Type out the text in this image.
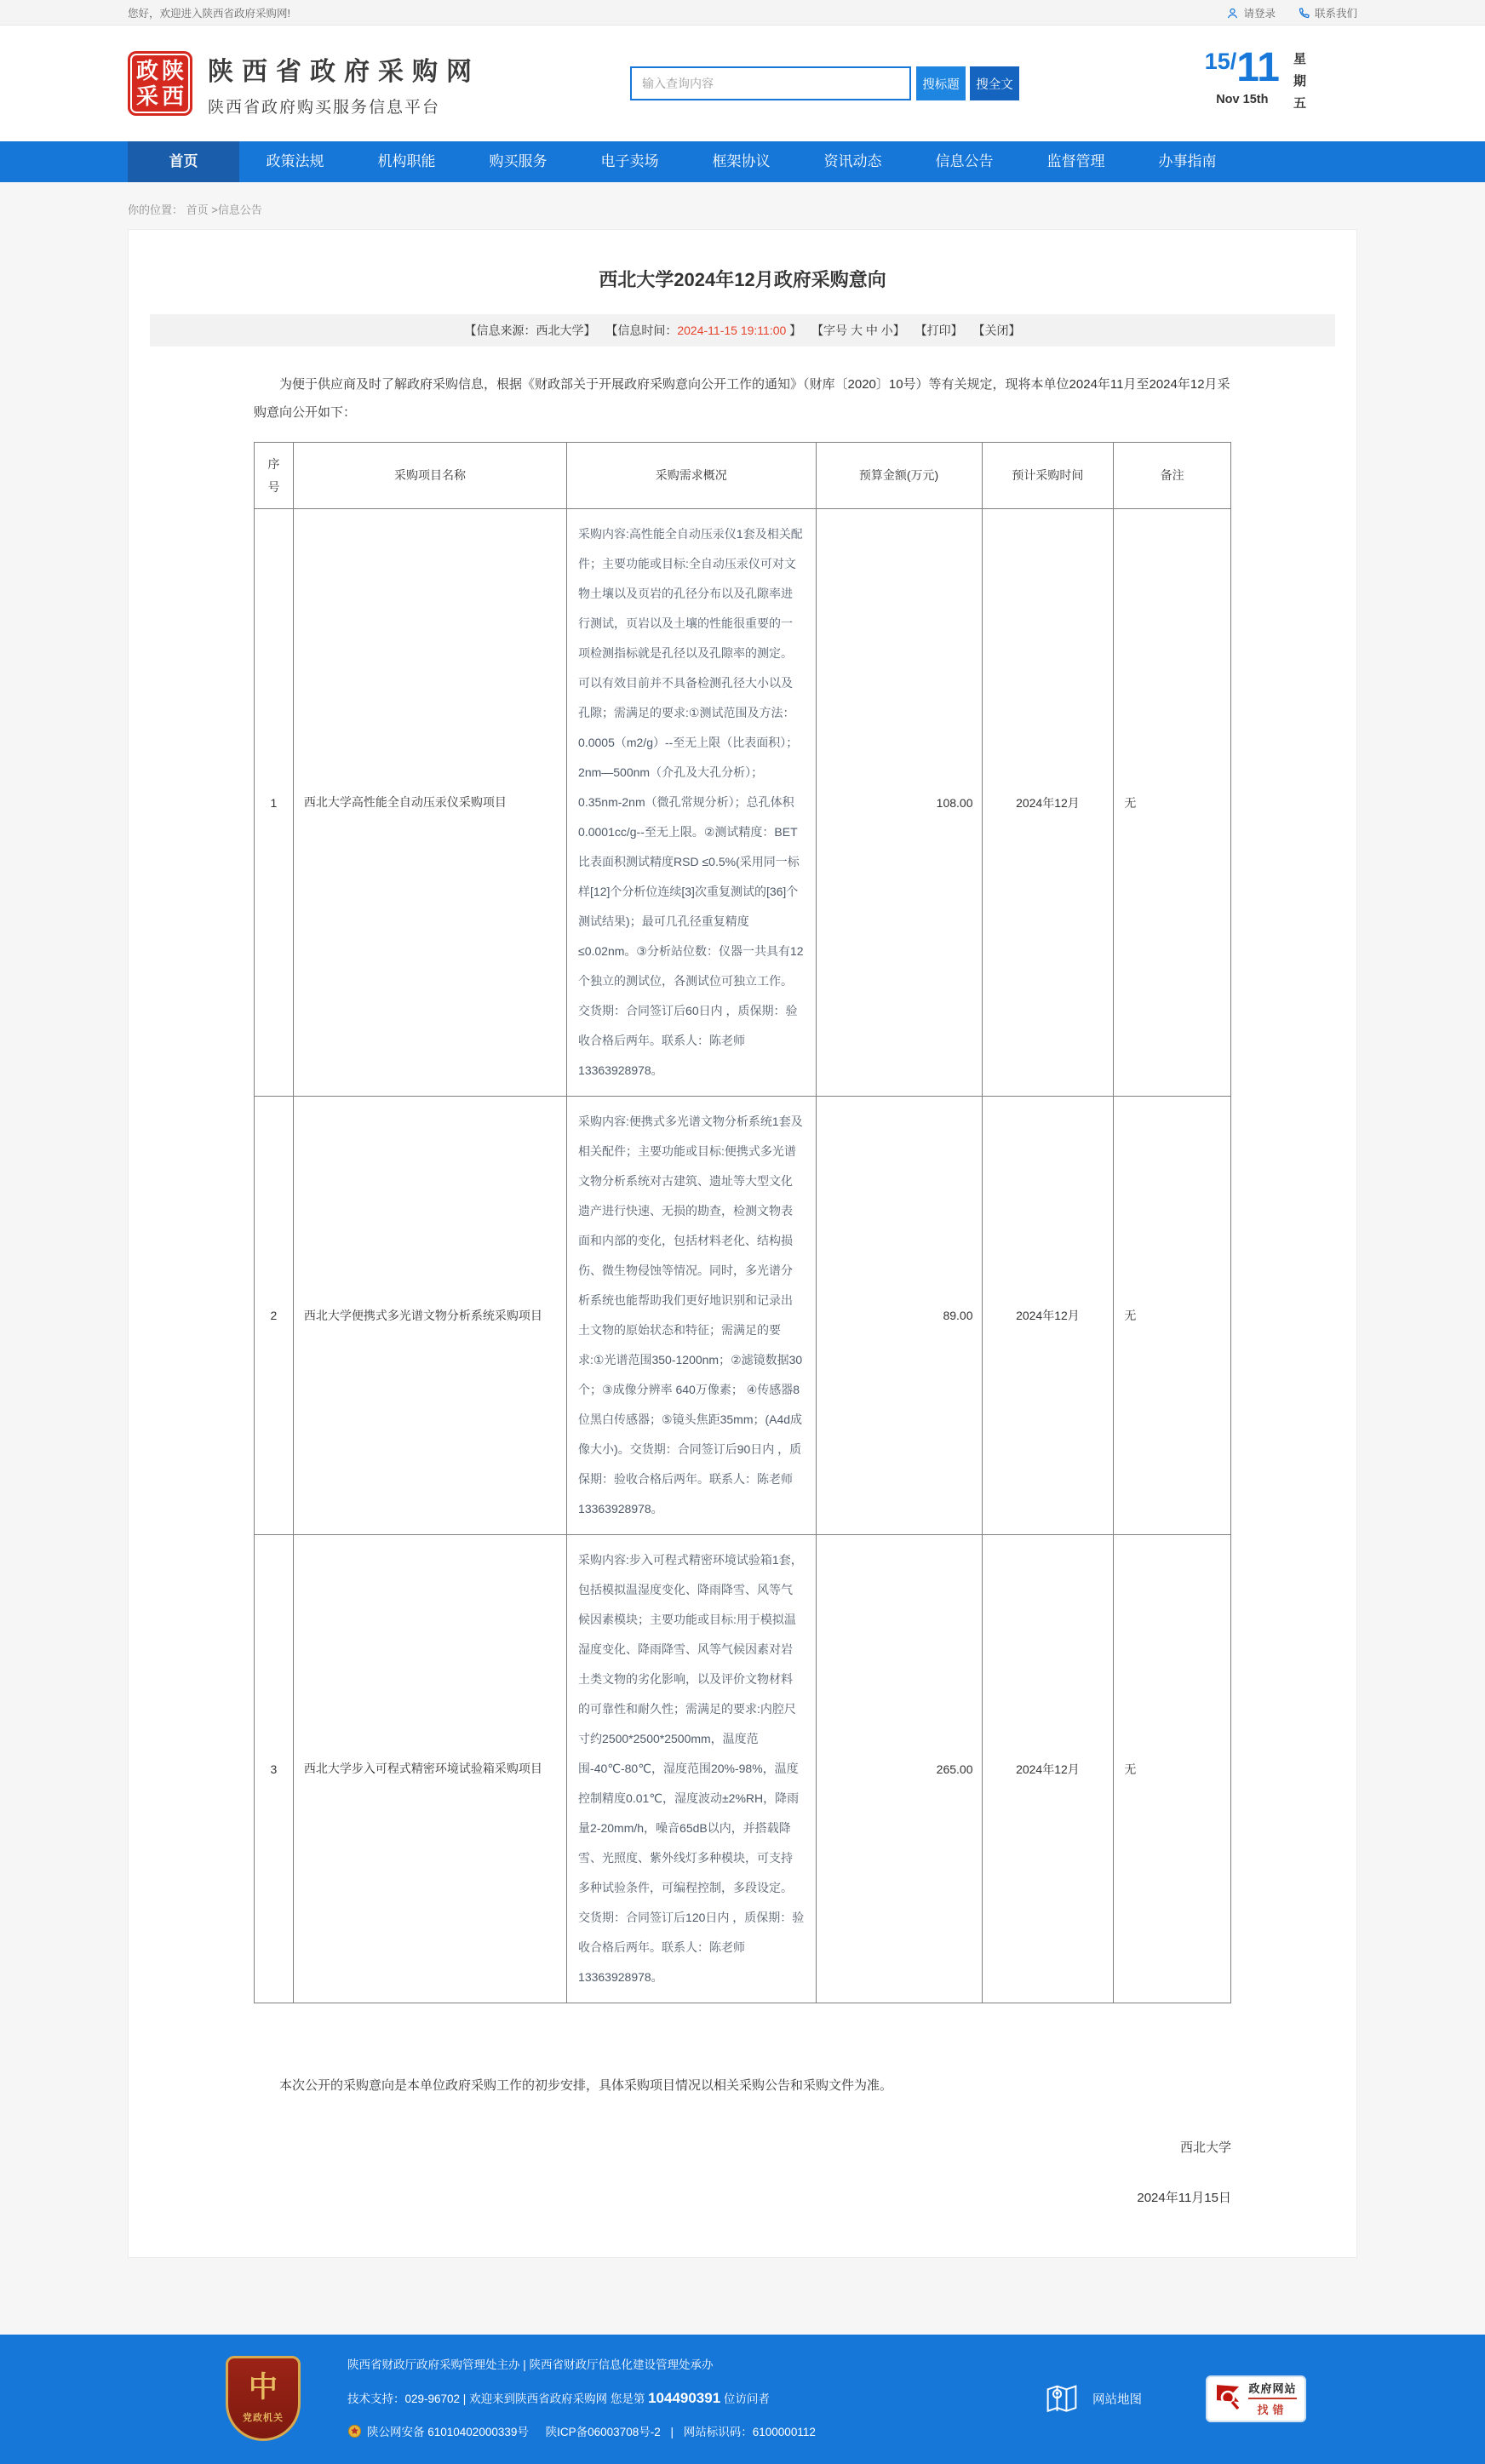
您好，欢迎进入陕西省政府采购网!	请登录	联系我们
政 陕
采 西
陕西省政府采购网
陕西省政府购买服务信息平台
输入查询内容
搜标题	搜全文
15/11
Nov 15th
星
期
五
首页	政策法规	机构职能	购买服务	电子卖场	框架协议	资讯动态	信息公告	监督管理	办事指南
你的位置： 首页 >信息公告
西北大学2024年12月政府采购意向
【信息来源：西北大学】 【信息时间：2024-11-15 19:11:00 】 【字号 大 中 小】 【打印】 【关闭】

为便于供应商及时了解政府采购信息，根据《财政部关于开展政府采购意向公开工作的通知》（财库〔2020〕10号）等有关规定，现将本单位2024年11月至2024年12月采购意向公开如下：

序号	采购项目名称	采购需求概况	预算金额(万元)	预计采购时间	备注
1	西北大学高性能全自动压汞仪采购项目	采购内容:高性能全自动压汞仪1套及相关配件；主要功能或目标:全自动压汞仪可对文物土壤以及页岩的孔径分布以及孔隙率进行测试，页岩以及土壤的性能很重要的一项检测指标就是孔径以及孔隙率的测定。可以有效目前并不具备检测孔径大小以及孔隙；需满足的要求:①测试范围及方法：0.0005（m2/g）--至无上限（比表面积）；2nm—500nm（介孔及大孔分析）；0.35nm-2nm（微孔常规分析）；总孔体积0.0001cc/g--至无上限。②测试精度：BET比表面积测试精度RSD ≤0.5%(采用同一标样[12]个分析位连续[3]次重复测试的[36]个测试结果)；最可几孔径重复精度≤0.02nm。③分析站位数：仪器一共具有12个独立的测试位，各测试位可独立工作。交货期：合同签订后60日内 ，质保期：验收合格后两年。联系人：陈老师 13363928978。	108.00	2024年12月	无
2	西北大学便携式多光谱文物分析系统采购项目	采购内容:便携式多光谱文物分析系统1套及相关配件；主要功能或目标:便携式多光谱文物分析系统对古建筑、遗址等大型文化遗产进行快速、无损的勘查，检测文物表面和内部的变化，包括材料老化、结构损伤、微生物侵蚀等情况。同时，多光谱分析系统也能帮助我们更好地识别和记录出土文物的原始状态和特征；需满足的要求:①光谱范围350-1200nm；②滤镜数据30个；③成像分辨率 640万像素； ④传感器8位黑白传感器；⑤镜头焦距35mm；(A4d成像大小)。交货期：合同签订后90日内 ，质保期：验收合格后两年。联系人：陈老师 13363928978。	89.00	2024年12月	无
3	西北大学步入可程式精密环境试验箱采购项目	采购内容:步入可程式精密环境试验箱1套，包括模拟温湿度变化、降雨降雪、风等气候因素模块；主要功能或目标:用于模拟温湿度变化、降雨降雪、风等气候因素对岩土类文物的劣化影响，以及评价文物材料的可靠性和耐久性；需满足的要求:内腔尺寸约2500*2500*2500mm，温度范围-40℃-80℃，湿度范围20%-98%，温度控制精度0.01℃，湿度波动±2%RH，降雨量2-20mm/h，噪音65dB以内，并搭载降雪、光照度、紫外线灯多种模块，可支持多种试验条件，可编程控制，多段设定。交货期：合同签订后120日内 ，质保期：验收合格后两年。联系人：陈老师 13363928978。	265.00	2024年12月	无

本次公开的采购意向是本单位政府采购工作的初步安排，具体采购项目情况以相关采购公告和采购文件为准。

西北大学
2024年11月15日
中
党政机关
陕西省财政厅政府采购管理处主办 | 陕西省财政厅信息化建设管理处承办
技术支持：029-96702 | 欢迎来到陕西省政府采购网 您是第 104490391 位访问者
陕公网安备 61010402000339号 陕ICP备06003708号-2 | 网站标识码：6100000112
网站地图
政府网站
找错
